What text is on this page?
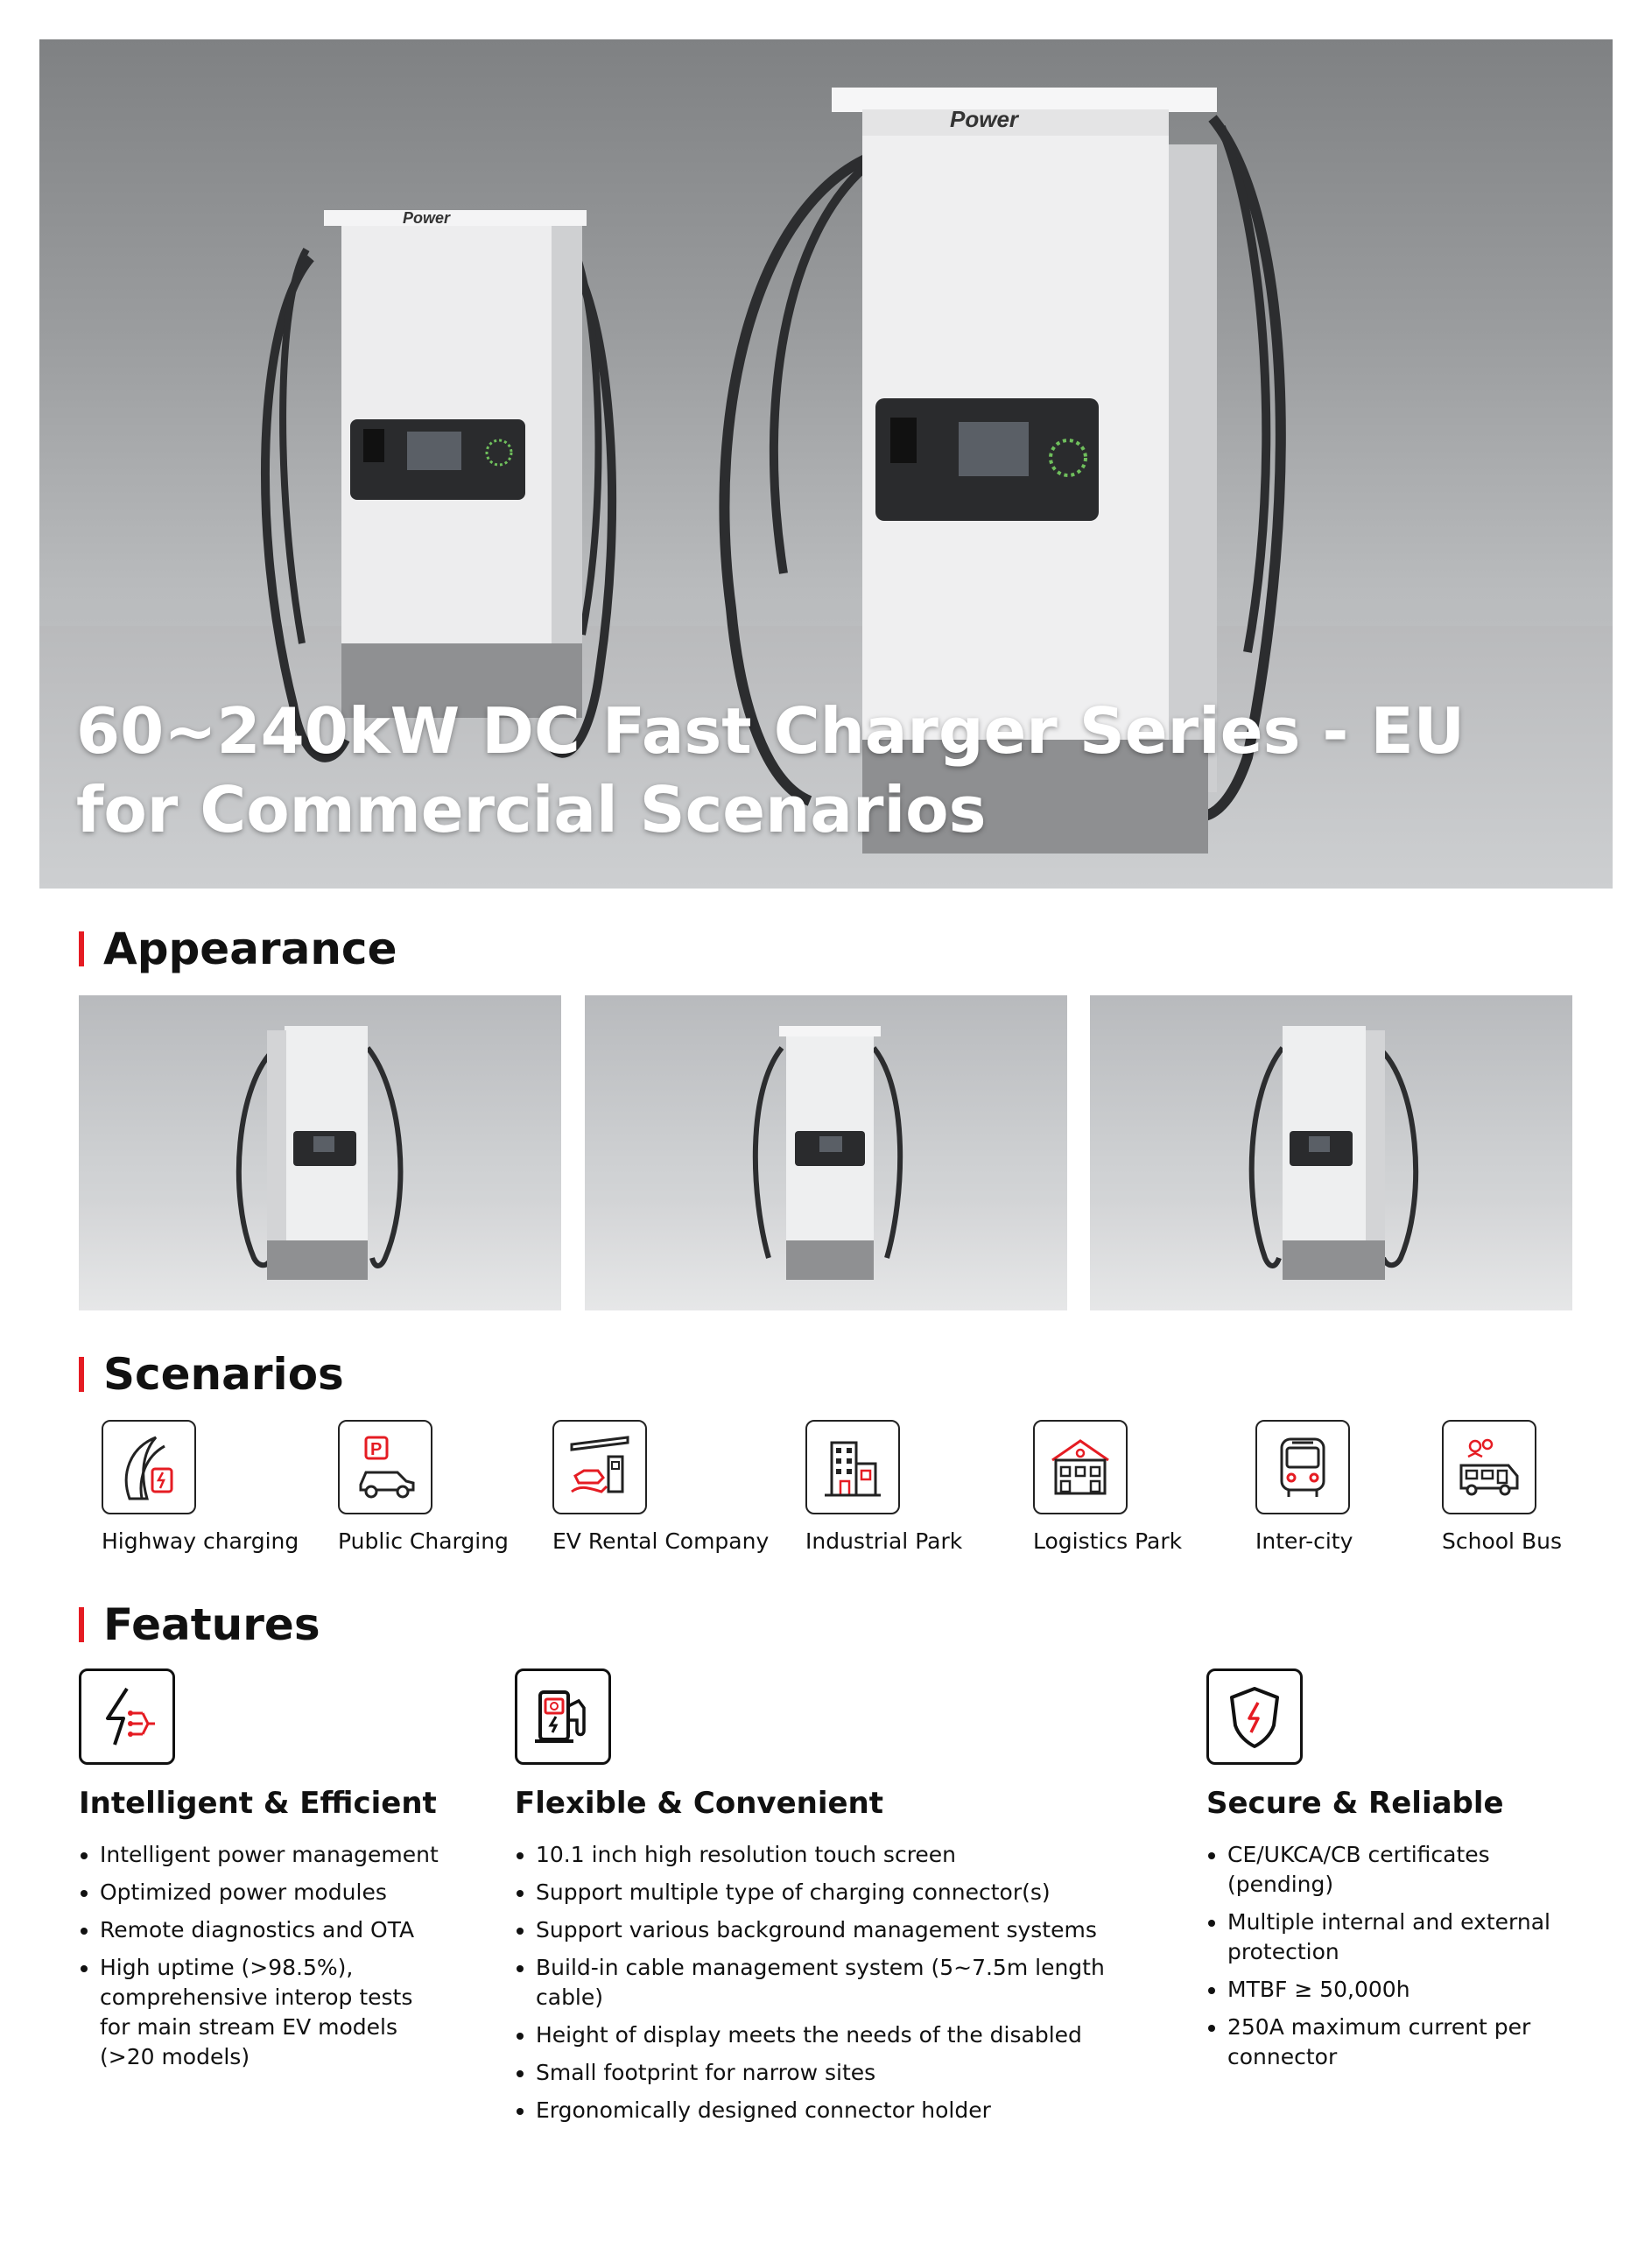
Power
Power
60~240kW DC Fast Charger Series - EU
for Commercial Scenarios
Appearance
Scenarios
Highway charging
P
Public Charging EV Rental Company Industrial Park	Logistics Park	Inter-city	School Bus
Features
Intelligent & Efficient
Intelligent power management
Optimized power modules
Remote diagnostics and OTA
High uptime (>98.5%), comprehensive interop tests for main stream EV models (>20 models)
Flexible & Convenient
10.1 inch high resolution touch screen
Support multiple type of charging connector(s)
Support various background management systems
Build-in cable management system (5~7.5m length cable)
Height of display meets the needs of the disabled
Small footprint for narrow sites
Ergonomically designed connector holder
Secure & Reliable
CE/UKCA/CB certificates (pending)
Multiple internal and external protection
MTBF ≥ 50,000h
250A maximum current per connector
